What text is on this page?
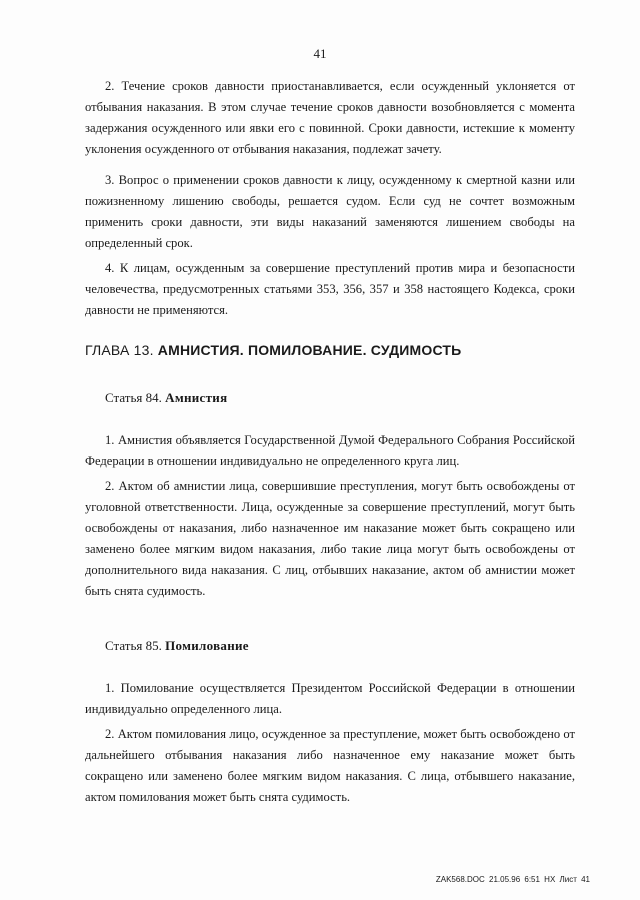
41

2. Течение сроков давности приостанавливается, если осужденный уклоняется от отбывания наказания. В этом случае течение сроков давности возобновляется с момента задержания осужденного или явки его с повинной. Сроки давности, истекшие к моменту уклонения осужденного от отбывания наказания, подлежат зачету.

3. Вопрос о применении сроков давности к лицу, осужденному к смертной казни или пожизненному лишению свободы, решается судом. Если суд не сочтет возможным применить сроки давности, эти виды наказаний заменяются лишением свободы на определенный срок.

4. К лицам, осужденным за совершение преступлений против мира и безопасности человечества, предусмотренных статьями 353, 356, 357 и 358 настоящего Кодекса, сроки давности не применяются.

ГЛАВА 13. АМНИСТИЯ. ПОМИЛОВАНИЕ. СУДИМОСТЬ
Статья 84. Амнистия

1. Амнистия объявляется Государственной Думой Федерального Собрания Российской Федерации в отношении индивидуально не определенного круга лиц.

2. Актом об амнистии лица, совершившие преступления, могут быть освобождены от уголовной ответственности. Лица, осужденные за совершение преступлений, могут быть освобождены от наказания, либо назначенное им наказание может быть сокращено или заменено более мягким видом наказания, либо такие лица могут быть освобождены от дополнительного вида наказания. С лиц, отбывших наказание, актом об амнистии может быть снята судимость.

Статья 85. Помилование

1. Помилование осуществляется Президентом Российской Федерации в отношении индивидуально определенного лица.

2. Актом помилования лицо, осужденное за преступление, может быть освобождено от дальнейшего отбывания наказания либо назначенное ему наказание может быть сокращено или заменено более мягким видом наказания. С лица, отбывшего наказание, актом помилования может быть снята судимость.

ZAK568.DOC 21.05.96 6:51 НХ Лист 41
